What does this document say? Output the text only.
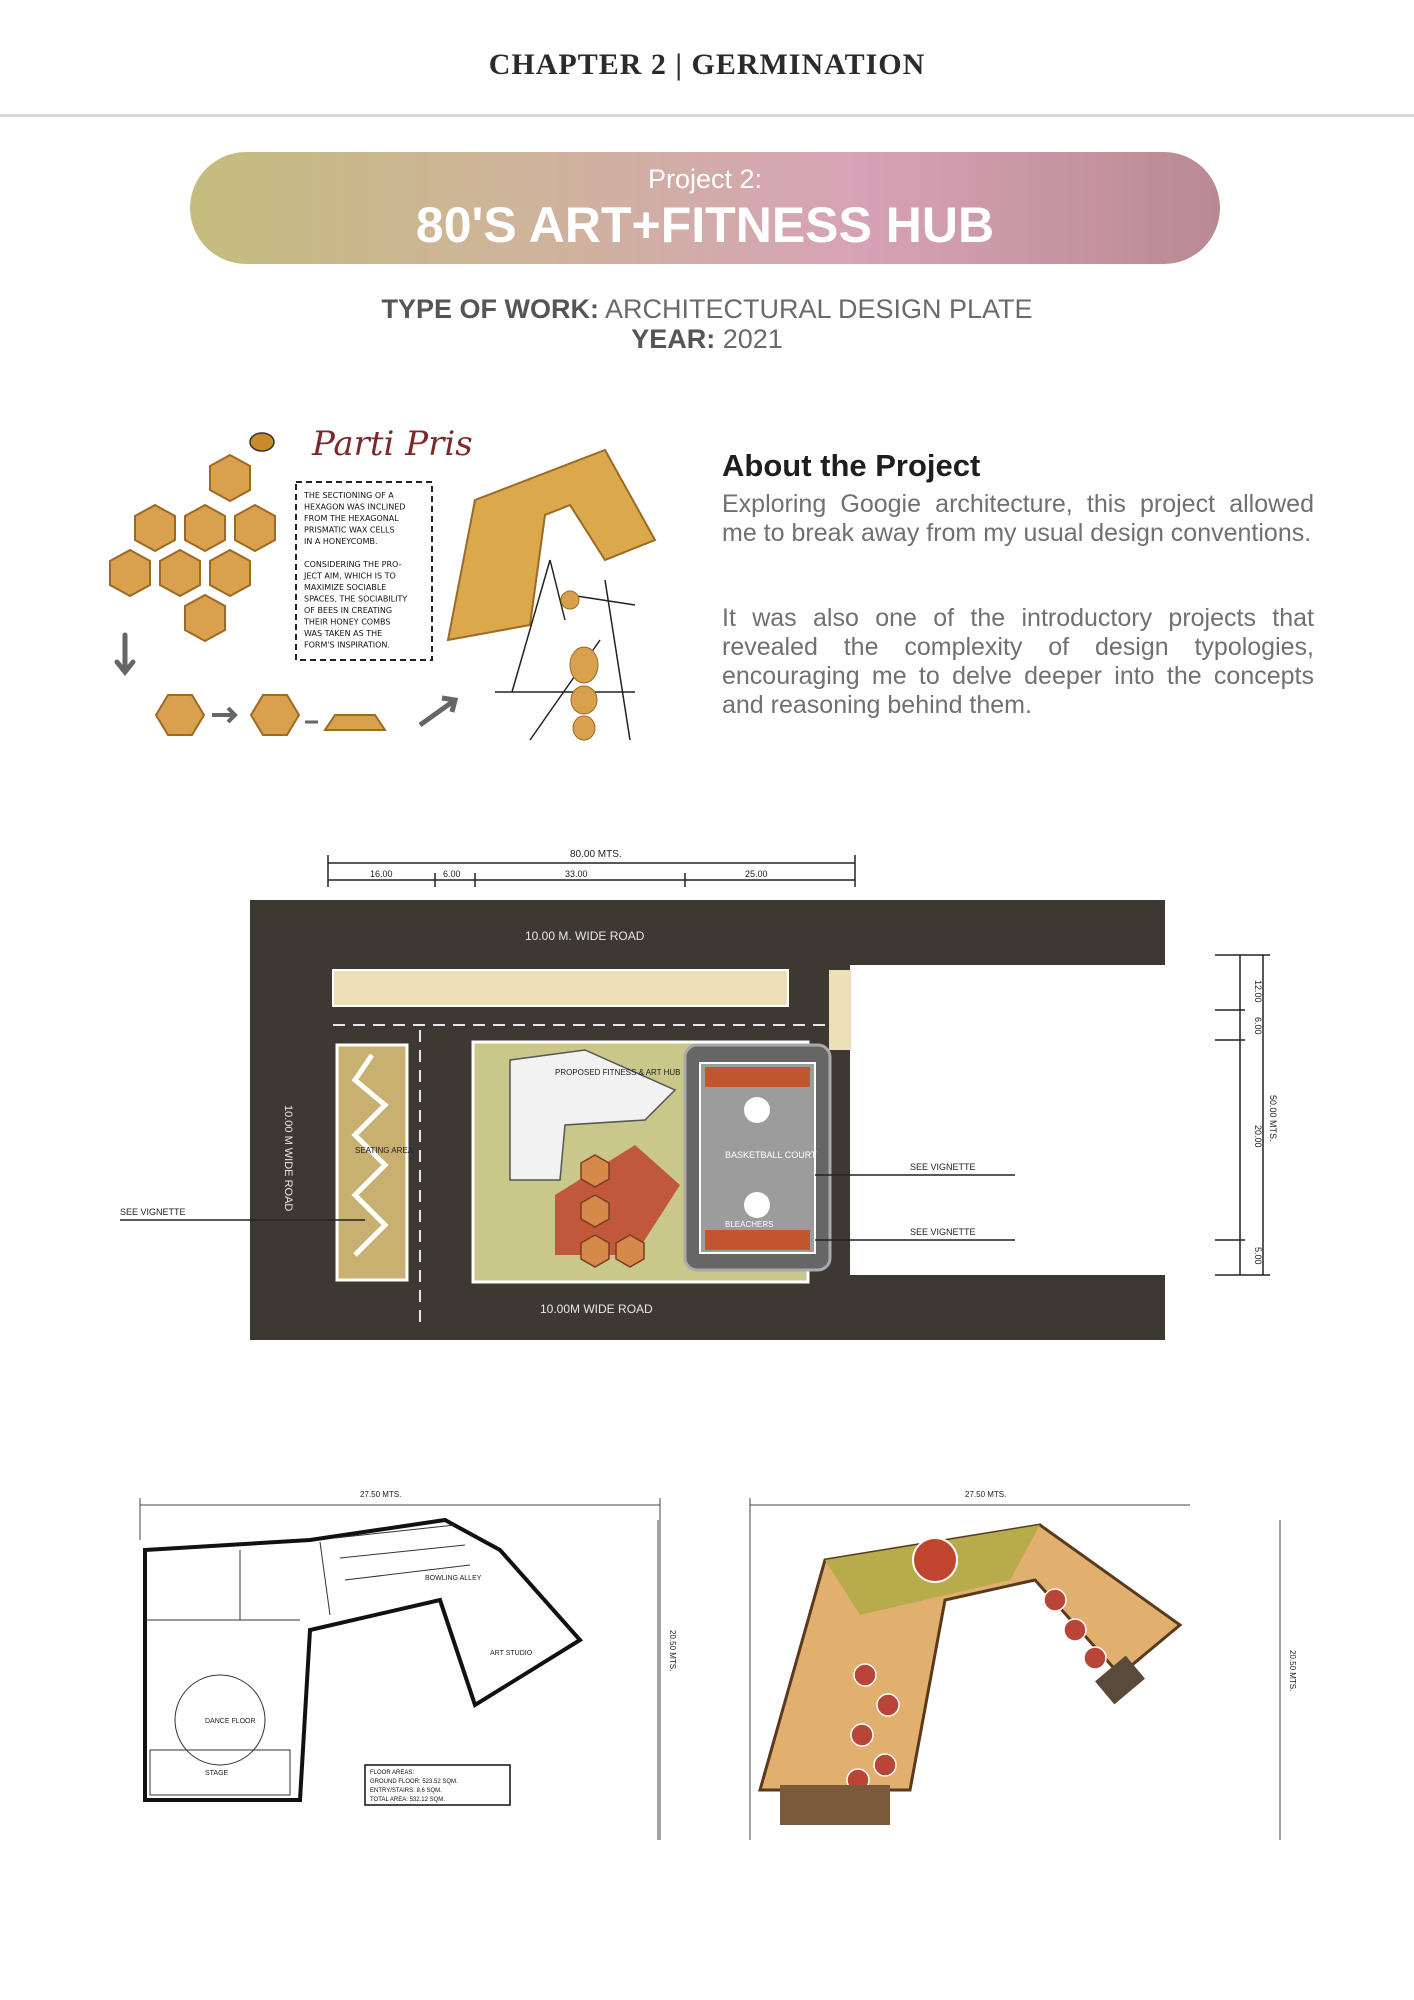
CHAPTER 2 | GERMINATION
Project 2:
80'S ART+FITNESS HUB
TYPE OF WORK: ARCHITECTURAL DESIGN PLATE
YEAR: 2021
Parti Pris
THE SECTIONING OF A
HEXAGON WAS INCLINED
FROM THE HEXAGONAL
PRISMATIC WAX CELLS
IN A HONEYCOMB.
CONSIDERING THE PRO-
JECT AIM, WHICH IS TO
MAXIMIZE SOCIABLE
SPACES, THE SOCIABILITY
OF BEES IN CREATING
THEIR HONEY COMBS
WAS TAKEN AS THE
FORM'S INSPIRATION.
About the Project

Exploring Googie architecture, this project allowed me to break away from my usual design conventions.

It was also one of the introductory projects that revealed the complexity of design typologies, encouraging me to delve deeper into the concepts and reasoning behind them.

80.00 MTS.
16.00	6.00	33.00	25.00
SEATING AREA
PROPOSED FITNESS & ART HUB
BASKETBALL COURT
BLEACHERS
10.00 M. WIDE ROAD
10.00M WIDE ROAD
10.00 M WIDE ROAD
SEE VIGNETTE
SEE VIGNETTE
SEE VIGNETTE
12.00
6.00
20.00
5.00
50.00 MTS.
27.50 MTS.
20.50 MTS.
DANCE FLOOR
STAGE
ART STUDIO
BOWLING ALLEY
FLOOR AREAS:
GROUND FLOOR: 523.52 SQM.
ENTRY/STAIRS: 8.6 SQM.
TOTAL AREA: 532.12 SQM.
27.50 MTS.
20.50 MTS.
